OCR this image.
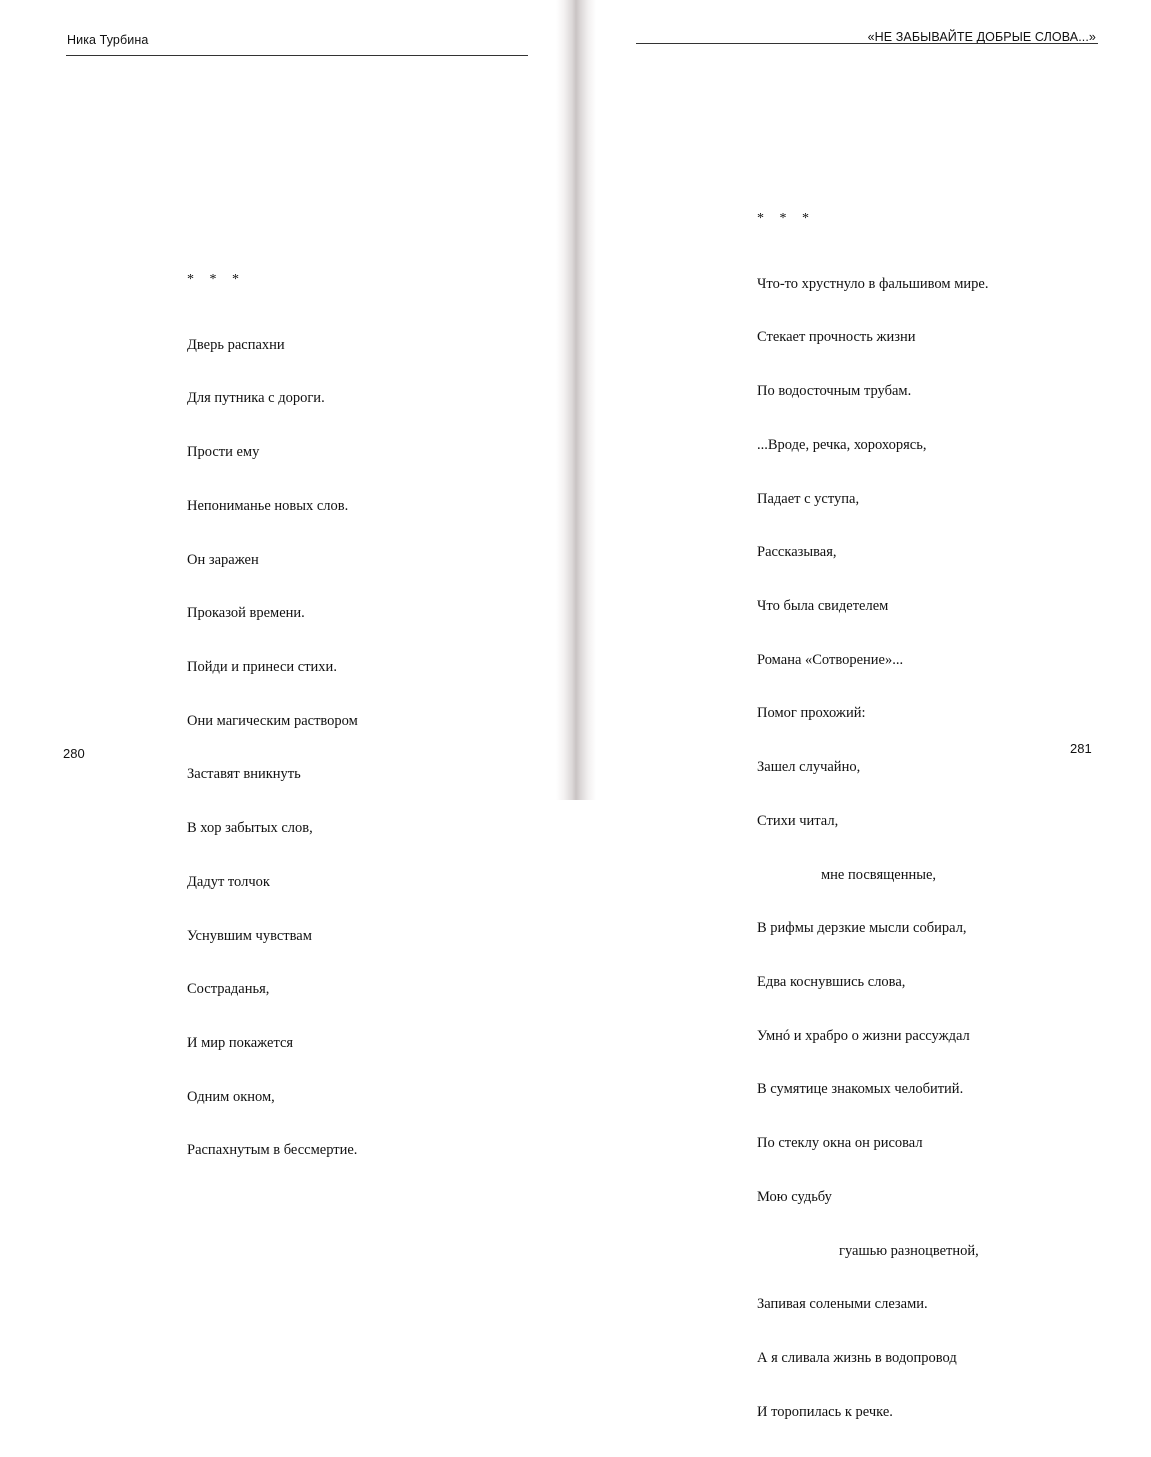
Ника Турбина

* * *

Дверь распахни

Для путника с дороги.

Прости ему

Непониманье новых слов.

Он заражен

Проказой времени.

Пойди и принеси стихи.

Они магическим раствором

Заставят вникнуть

В хор забытых слов,

Дадут толчок

Уснувшим чувствам

Состраданья,

И мир покажется

Одним окном,

Распахнутым в бессмертие.

280
«НЕ ЗАБЫВАЙТЕ ДОБРЫЕ СЛОВА...»

* * *

Что-то хрустнуло в фальшивом мире.

Стекает прочность жизни

По водосточным трубам.

...Вроде, речка, хорохорясь,

Падает с уступа,

Рассказывая,

Что была свидетелем

Романа «Сотворение»...

Помог прохожий:

Зашел случайно,

Стихи читал,

мне посвященные,

В рифмы дерзкие мысли собирал,

Едва коснувшись слова,

Умнó и храбро о жизни рассуждал

В сумятице знакомых челобитий.

По стеклу окна он рисовал

Мою судьбу

гуашью разноцветной,

Запивая солеными слезами.

А я сливала жизнь в водопровод

И торопилась к речке.

281
